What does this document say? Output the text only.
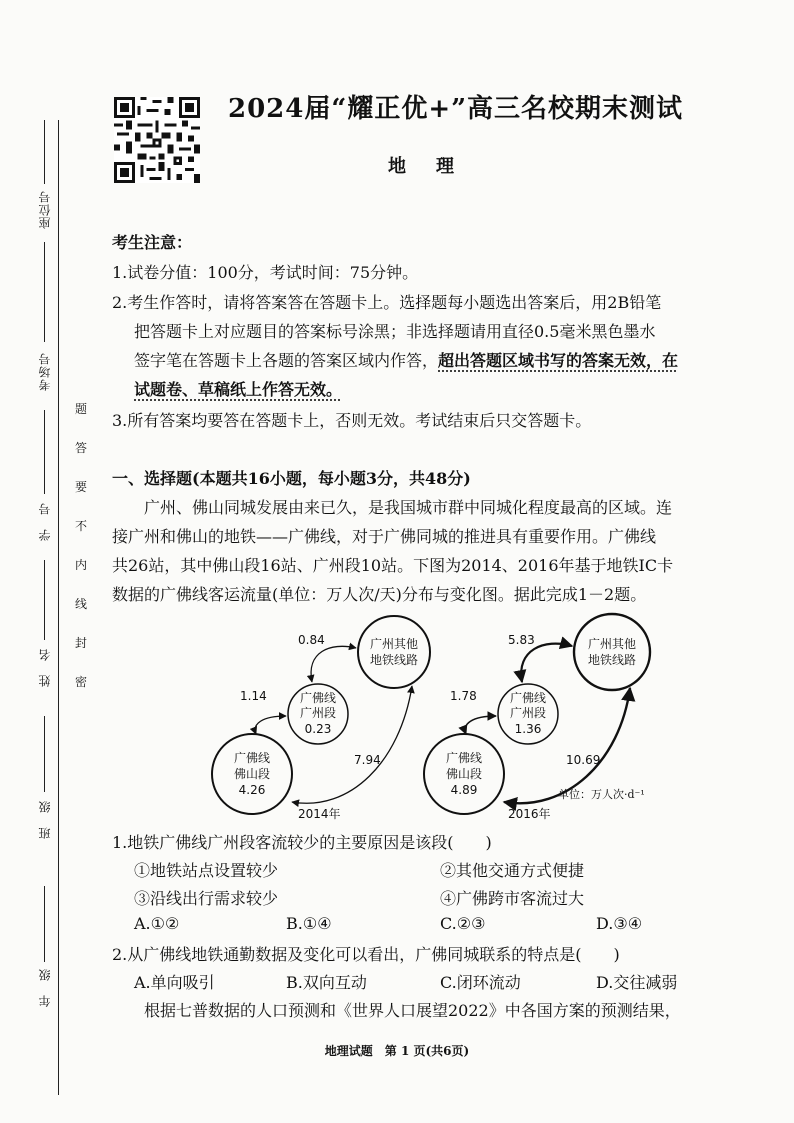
座位号
考场号
学　号
姓　名
班　级
年　级
题
答
要
不
内
线
封
密
2024届“耀正优+”高三名校期末测试
地理
考生注意：
1.试卷分值：100分，考试时间：75分钟。
2.考生作答时，请将答案答在答题卡上。选择题每小题选出答案后，用2B铅笔
把答题卡上对应题目的答案标号涂黑；非选择题请用直径0.5毫米黑色墨水
签字笔在答题卡上各题的答案区域内作答，超出答题区域书写的答案无效，在
试题卷、草稿纸上作答无效。
3.所有答案均要答在答题卡上，否则无效。考试结束后只交答题卡。
一、选择题(本题共16小题，每小题3分，共48分)
　　广州、佛山同城发展由来已久，是我国城市群中同城化程度最高的区域。连
接广州和佛山的地铁——广佛线，对于广佛同城的推进具有重要作用。广佛线
共26站，其中佛山段16站、广州段10站。下图为2014、2016年基于地铁IC卡
数据的广佛线客运流量(单位：万人次/天)分布与变化图。据此完成1－2题。
广州其他
地铁线路
广佛线
广州段
0.23
广佛线
佛山段
4.26
0.84
1.14
7.94
2014年
广州其他
地铁线路
广佛线
广州段
1.36
广佛线
佛山段
4.89
5.83
1.78
10.69
2016年
单位：万人次·d⁻¹
1.地铁广佛线广州段客流较少的主要原因是该段(　　)
①地铁站点设置较少	②其他交通方式便捷
③沿线出行需求较少	④广佛跨市客流过大
A.①②	B.①④	C.②③	D.③④
2.从广佛线地铁通勤数据及变化可以看出，广佛同城联系的特点是(　　)
A.单向吸引	B.双向互动	C.闭环流动	D.交往减弱
　　根据七普数据的人口预测和《世界人口展望2022》中各国方案的预测结果，
地理试题　第 1 页(共6页)
